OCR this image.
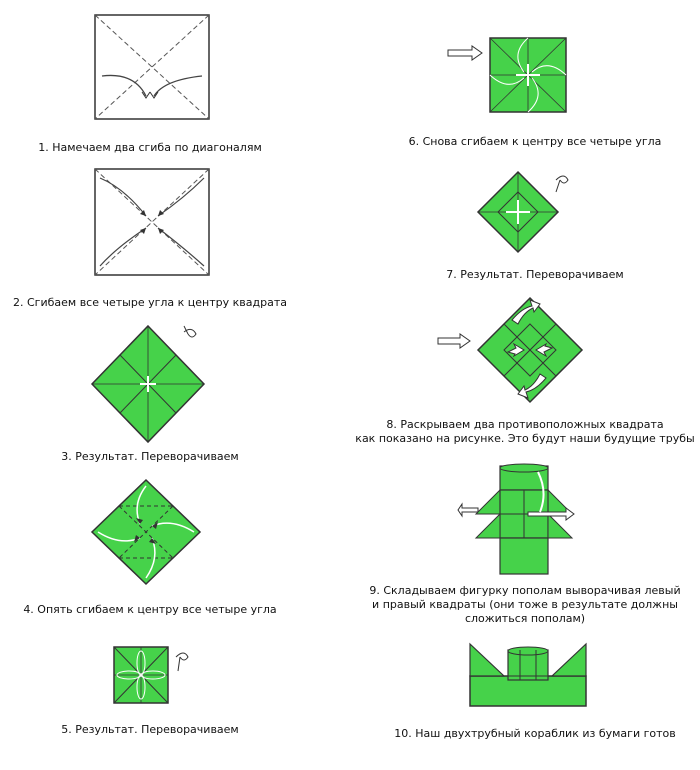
1. Намечаем два сгиба по диагоналям
2. Сгибаем все четыре угла к центру квадрата
3. Результат. Переворачиваем
4. Опять сгибаем к центру все четыре угла
5. Результат. Переворачиваем
6. Снова сгибаем к центру все четыре угла
7. Результат. Переворачиваем
8. Раскрываем два противоположных квадрата
как показано на рисунке. Это будут наши будущие трубы
9. Складываем фигурку пополам выворачивая левый
и правый квадраты (они тоже в результате должны
сложиться пополам)
10. Наш двухтрубный кораблик из бумаги готов
